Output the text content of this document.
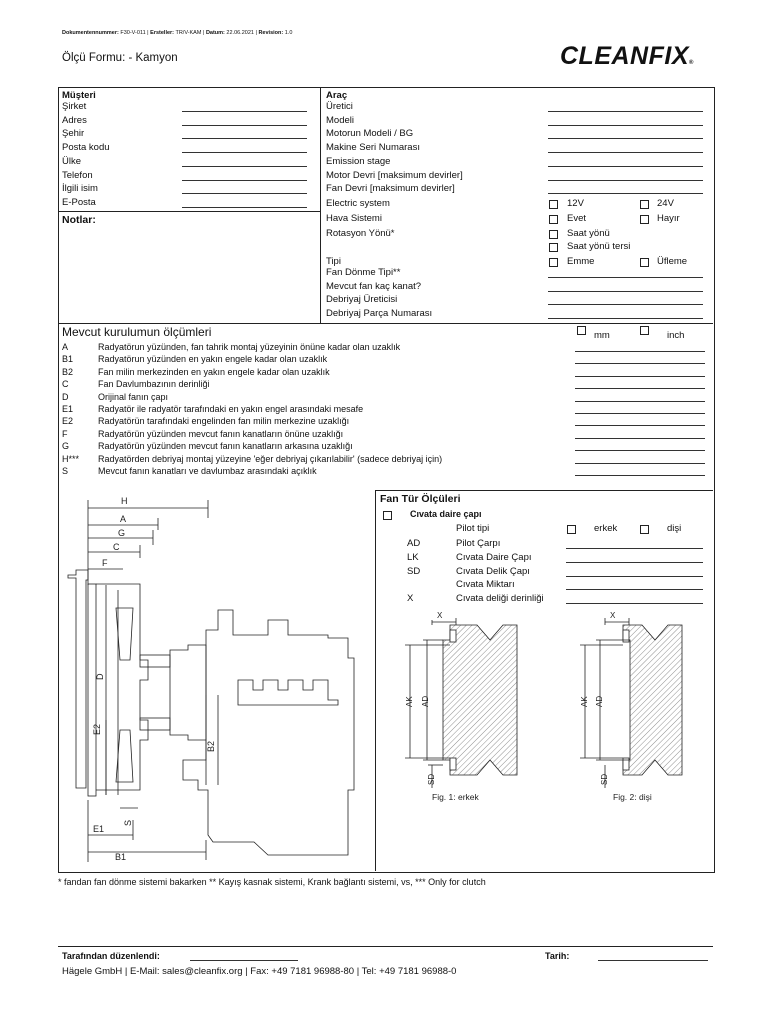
Dokumentennummer: F30-V-011 | Ersteller: TR/V-KAM | Datum: 22.06.2021 | Revision: 1.0
Ölçü Formu: - Kamyon	CLEANFIX®
Müşteri
Şirket
Adres
Şehir
Posta kodu
Ülke
Telefon
İlgili isim
E-Posta
Notlar:
Araç
Üretici
Modeli
Motorun Modeli / BG
Makine Seri Numarası
Emission stage
Motor Devri [maksimum devirler]
Fan Devri [maksimum devirler]
Electric system	12V	24V
Hava Sistemi	Evet	Hayır
Rotasyon Yönü*	Saat yönü
Saat yönü tersi
Tipi	Emme	Üfleme
Fan Dönme Tipi**
Mevcut fan kaç kanat?
Debriyaj Üreticisi
Debriyaj Parça Numarası
Mevcut kurulumun ölçümleri	mm	inch
A	Radyatörun yüzünden, fan tahrik montaj yüzeyinin önüne kadar olan uzaklık
B1	Radyatörun yüzünden en yakın engele kadar olan uzaklık
B2	Fan milin merkezinden en yakın engele kadar olan uzaklık
C	Fan Davlumbazının derinliği
D	Orijinal fanın çapı
E1	Radyatör ile radyatör tarafındaki en yakın engel arasındaki mesafe
E2	Radyatörün tarafındaki engelinden fan milin merkezine uzaklığı
F	Radyatörün yüzünden mevcut fanın kanatların önüne uzaklığı
G	Radyatörün yüzünden mevcut fanın kanatların arkasına uzaklığı
H*** Radyatörden debriyaj montaj yüzeyine 'eğer debriyaj çıkarılabilir' (sadece debriyaj için)
S	Mevcut fanın kanatları ve davlumbaz arasındaki açıklık
H
A
G
C
F
D
E2
B2
E1
S
B1
Fan Tür Ölçüleri
Cıvata daire çapı
Pilot tipi	erkek	dişi
AD	Pilot Çarpı
LK	Cıvata Daire Çapı
SD	Cıvata Delik Çapı
Cıvata Miktarı
X	Cıvata deliği derinliği
X
AK AD
SD
Fig. 1: erkek
X
AK AD
SD
Fig. 2: dişi
* fandan fan dönme sistemi bakarken ** Kayış kasnak sistemi, Krank bağlantı sistemi, vs, *** Only for clutch
Tarafından düzenlendi:	Tarih:
Hägele GmbH | E-Mail: sales@cleanfix.org | Fax: +49 7181 96988-80 | Tel: +49 7181 96988-0
